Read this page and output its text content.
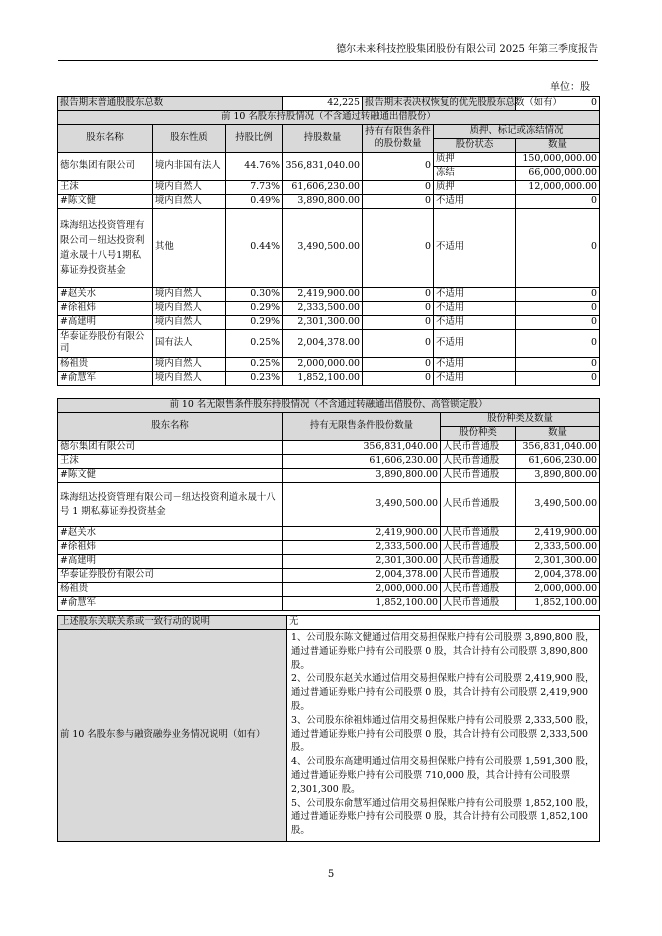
德尔未来科技控股集团股份有限公司 2025 年第三季度报告
单位：股
报告期末普通股股东总数			42,225	报告期末表决权恢复的优先股股东总数（如有）		0
前 10 名股东持股情况（不含通过转融通出借股份）						
股东名称	股东性质	持股比例	持股数量	持有有限售条件的股份数量	质押、标记或冻结情况	
					股份状态	数量
德尔集团有限公司	境内非国有法人	44.76%	356,831,040.00	0	质押	150,000,000.00
					冻结	66,000,000.00
王沫	境内自然人	7.73%	61,606,230.00	0	质押	12,000,000.00
#陈文健	境内自然人	0.49%	3,890,800.00	0	不适用	0
珠海纽达投资管理有限公司－纽达投资利道永晟十八号1期私募证券投资基金	其他	0.44%	3,490,500.00	0	不适用	0
#赵关水	境内自然人	0.30%	2,419,900.00	0	不适用	0
#徐祖炜	境内自然人	0.29%	2,333,500.00	0	不适用	0
#高建明	境内自然人	0.29%	2,301,300.00	0	不适用	0
华泰证券股份有限公司	国有法人	0.25%	2,004,378.00	0	不适用	0
杨祖贵	境内自然人	0.25%	2,000,000.00	0	不适用	0
#俞慧军	境内自然人	0.23%	1,852,100.00	0	不适用	0
前 10 名无限售条件股东持股情况（不含通过转融通出借股份、高管锁定股）			
股东名称	持有无限售条件股份数量	股份种类及数量	
		股份种类	数量
德尔集团有限公司	356,831,040.00	人民币普通股	356,831,040.00
王沫	61,606,230.00	人民币普通股	61,606,230.00
#陈文健	3,890,800.00	人民币普通股	3,890,800.00
珠海纽达投资管理有限公司－纽达投资利道永晟十八号 1 期私募证券投资基金	3,490,500.00	人民币普通股	3,490,500.00
#赵关水	2,419,900.00	人民币普通股	2,419,900.00
#徐祖炜	2,333,500.00	人民币普通股	2,333,500.00
#高建明	2,301,300.00	人民币普通股	2,301,300.00
华泰证券股份有限公司	2,004,378.00	人民币普通股	2,004,378.00
杨祖贵	2,000,000.00	人民币普通股	2,000,000.00
#俞慧军	1,852,100.00	人民币普通股	1,852,100.00
上述股东关联关系或一致行动的说明	无
前 10 名股东参与融资融券业务情况说明（如有）	1、公司股东陈文健通过信用交易担保账户持有公司股票 3,890,800 股，通过普通证券账户持有公司股票 0 股，其合计持有公司股票 3,890,800 股。
2、公司股东赵关水通过信用交易担保账户持有公司股票 2,419,900 股，通过普通证券账户持有公司股票 0 股，其合计持有公司股票 2,419,900 股。
3、公司股东徐祖炜通过信用交易担保账户持有公司股票 2,333,500 股，通过普通证券账户持有公司股票 0 股，其合计持有公司股票 2,333,500 股。
4、公司股东高建明通过信用交易担保账户持有公司股票 1,591,300 股，通过普通证券账户持有公司股票 710,000 股，其合计持有公司股票 2,301,300 股。
5、公司股东俞慧军通过信用交易担保账户持有公司股票 1,852,100 股，通过普通证券账户持有公司股票 0 股，其合计持有公司股票 1,852,100 股。
5
